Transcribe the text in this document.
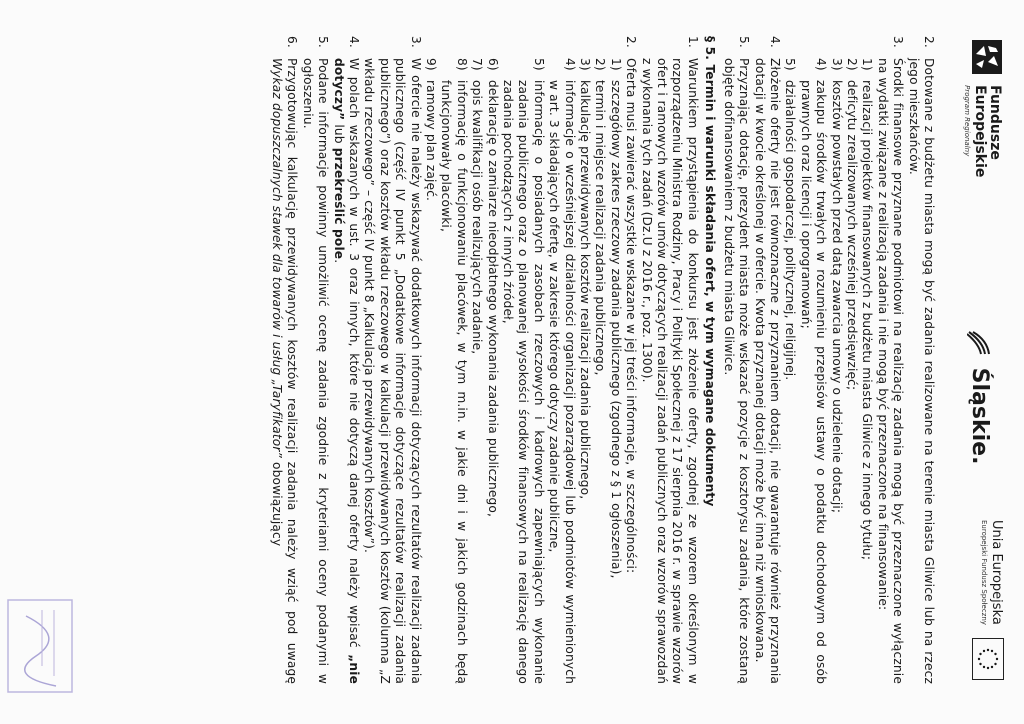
Fundusze
Europejskie
Program Regionalny
Śląskie.
Unia Europejska
Europejski Fundusz Społeczny

2.
Dotowane z budżetu miasta mogą być zadania realizowane na terenie miasta Gliwice lub na rzecz jego mieszkańców.
3.
Środki finansowe przyznane podmiotowi na realizację zadania mogą być przeznaczone wyłącznie na wydatki związane z realizacją zadania i nie mogą być przeznaczone na finansowanie:
1)
realizacji projektów finansowanych z budżetu miasta Gliwice z innego tytułu;
2)
deficytu zrealizowanych wcześniej przedsięwzięć;
3)
kosztów powstałych przed datą zawarcia umowy o udzielenie dotacji;
4)
zakupu środków trwałych w rozumieniu przepisów ustawy o podatku dochodowym od osób prawnych oraz licencji i oprogramowań;
5)
działalności gospodarczej, politycznej, religijnej.
4.
Złożenie oferty nie jest równoznaczne z przyznaniem dotacji, nie gwarantuje również przyznania dotacji w kwocie określonej w ofercie. Kwota przyznanej dotacji może być inna niż wnioskowana.
5.
Przyznając dotację, prezydent miasta może wskazać pozycje z kosztorysu zadania, które zostaną objęte dofinansowaniem z budżetu miasta Gliwice.
§ 5. Termin i warunki składania ofert, w tym wymagane dokumenty
1.
Warunkiem przystąpienia do konkursu jest złożenie oferty, zgodnej ze wzorem określonym w rozporządzeniu Ministra Rodziny, Pracy i Polityki Społecznej z 17 sierpnia 2016 r. w sprawie wzorów ofert i ramowych wzorów umów dotyczących realizacji zadań publicznych oraz wzorów sprawozdań z wykonania tych zadań (Dz.U z 2016 r., poz. 1300).
2.
Oferta musi zawierać wszystkie wskazane w jej treści informacje, w szczególności:
1)
szczegółowy zakres rzeczowy zadania publicznego (zgodnego z § 1 ogłoszenia),
2)
termin i miejsce realizacji zadania publicznego,
3)
kalkulację przewidywanych kosztów realizacji zadania publicznego,
4)
informacje o wcześniejszej działalności organizacji pozarządowej lub podmiotów wymienionych w art. 3 składających ofertę, w zakresie którego dotyczy zadanie publiczne,
5)
informację o posiadanych zasobach rzeczowych i kadrowych zapewniających wykonanie zadania publicznego oraz o planowanej wysokości środków finansowych na realizację danego zadania pochodzących z innych źródeł,
6)
deklarację o zamiarze nieodpłatnego wykonania zadania publicznego,
7)
opis kwalifikacji osób realizujących zadanie,
8)
informację o funkcjonowaniu placówek, w tym m.in. w jakie dni i w jakich godzinach będą funkcjonowały placówki,
9)
ramowy plan zajęć.
3.
W ofercie nie należy wskazywać dodatkowych informacji dotyczących rezultatów realizacji zadania publicznego (część IV punkt 5 „Dodatkowe informacje dotyczące rezultatów realizacji zadania publicznego”) oraz kosztów wkładu rzeczowego w kalkulacji przewidywanych kosztów (kolumna „Z wkładu rzeczowego” – część IV punkt 8 „Kalkulacja przewidywanych kosztów”).
4.
W polach wskazanych w ust. 3 oraz innych, które nie dotyczą danej oferty należy wpisać „nie dotyczy” lub przekreślić pole.
5.
Podane informacje powinny umożliwić ocenę zadania zgodnie z kryteriami oceny podanymi w ogłoszeniu.
6.
Przygotowując kalkulację przewidywanych kosztów realizacji zadania należy wziąć pod uwagę Wykaz dopuszczalnych stawek dla towarów i usług „Taryfikator” obowiązujący
